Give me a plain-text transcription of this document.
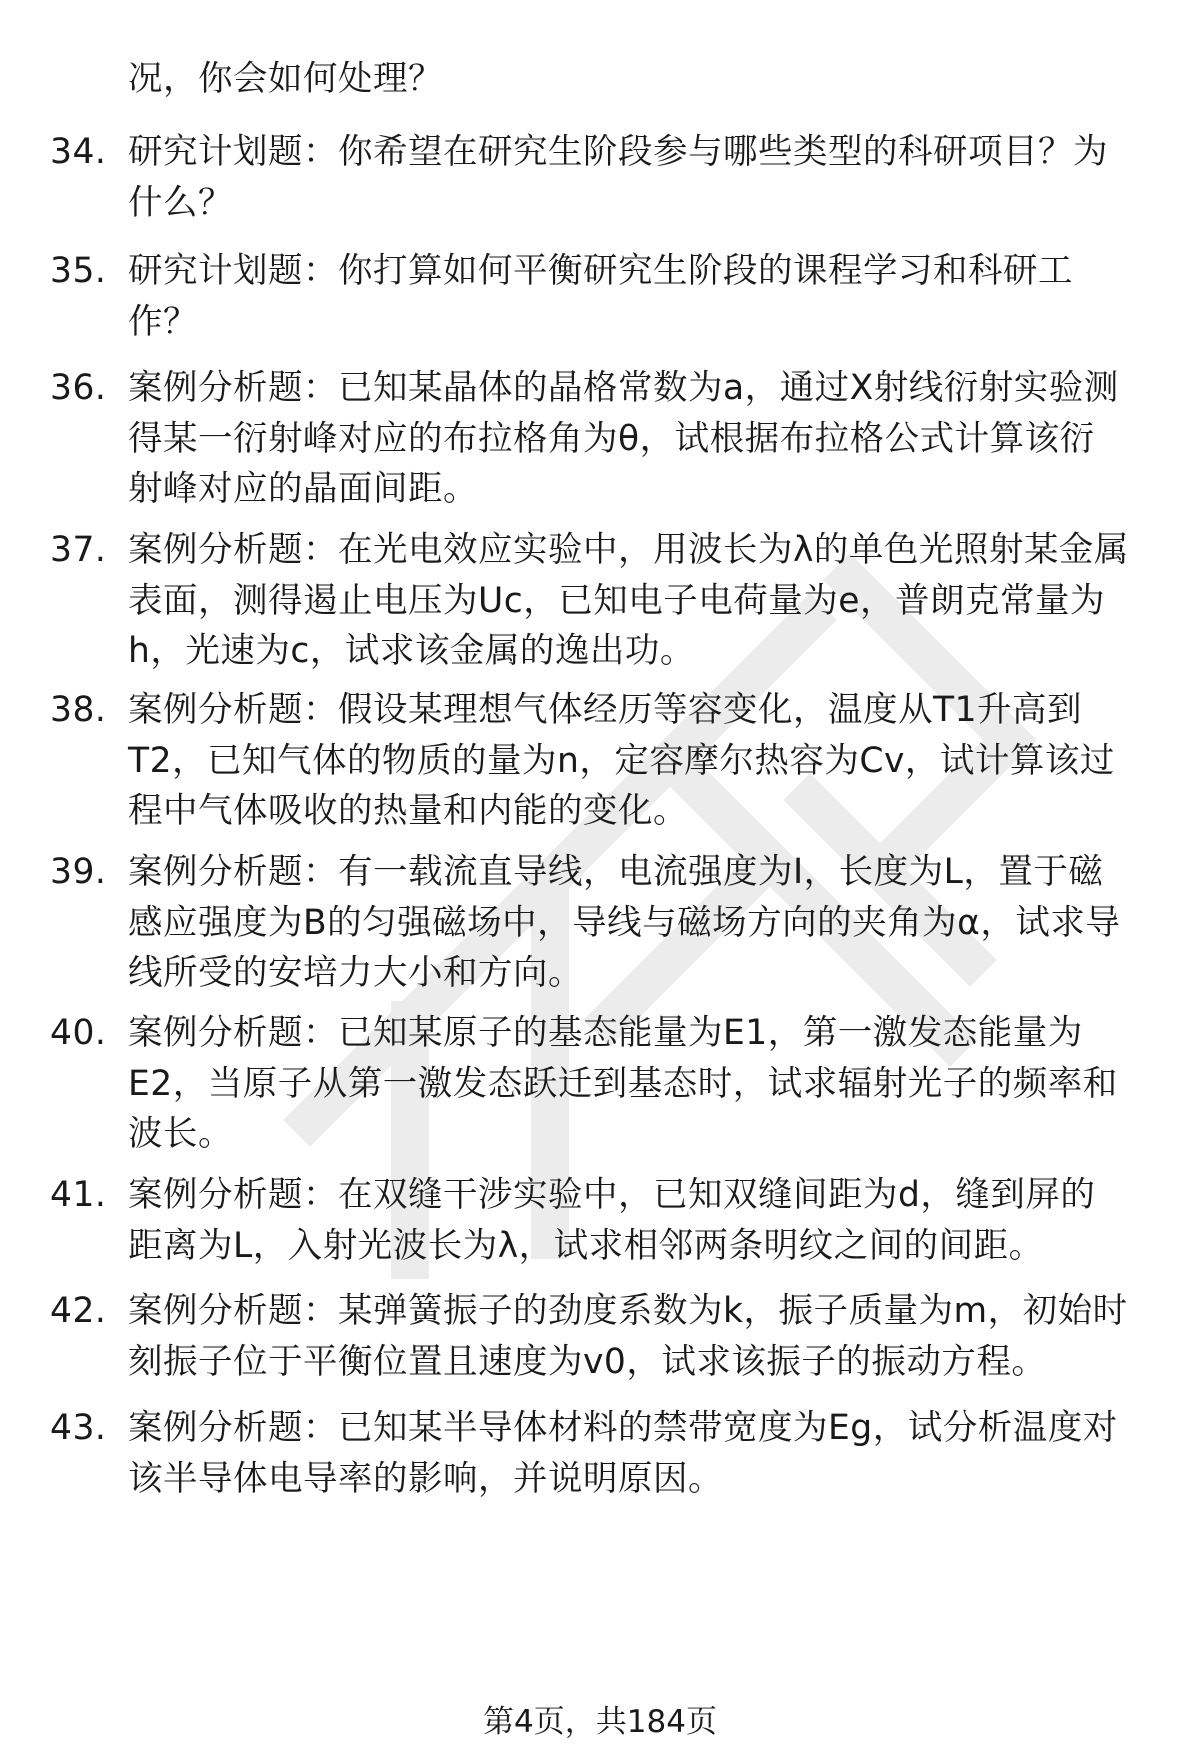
况，你会如何处理？
34. 研究计划题：你希望在研究生阶段参与哪些类型的科研项目？为
什么？
35. 研究计划题：你打算如何平衡研究生阶段的课程学习和科研工
作？
36. 案例分析题：已知某晶体的晶格常数为a，通过X射线衍射实验测
得某一衍射峰对应的布拉格角为θ，试根据布拉格公式计算该衍
射峰对应的晶面间距。
37. 案例分析题：在光电效应实验中，用波长为λ的单色光照射某金属
表面，测得遏止电压为Uc，已知电子电荷量为e，普朗克常量为
h，光速为c，试求该金属的逸出功。
38. 案例分析题：假设某理想气体经历等容变化，温度从T1升高到
T2，已知气体的物质的量为n，定容摩尔热容为Cv，试计算该过
程中气体吸收的热量和内能的变化。
39. 案例分析题：有一载流直导线，电流强度为I，长度为L，置于磁
感应强度为B的匀强磁场中，导线与磁场方向的夹角为α，试求导
线所受的安培力大小和方向。
40. 案例分析题：已知某原子的基态能量为E1，第一激发态能量为
E2，当原子从第一激发态跃迁到基态时，试求辐射光子的频率和
波长。
41. 案例分析题：在双缝干涉实验中，已知双缝间距为d，缝到屏的
距离为L，入射光波长为λ，试求相邻两条明纹之间的间距。
42. 案例分析题：某弹簧振子的劲度系数为k，振子质量为m，初始时
刻振子位于平衡位置且速度为v0，试求该振子的振动方程。
43. 案例分析题：已知某半导体材料的禁带宽度为Eg，试分析温度对
该半导体电导率的影响，并说明原因。
第4页，共184页
